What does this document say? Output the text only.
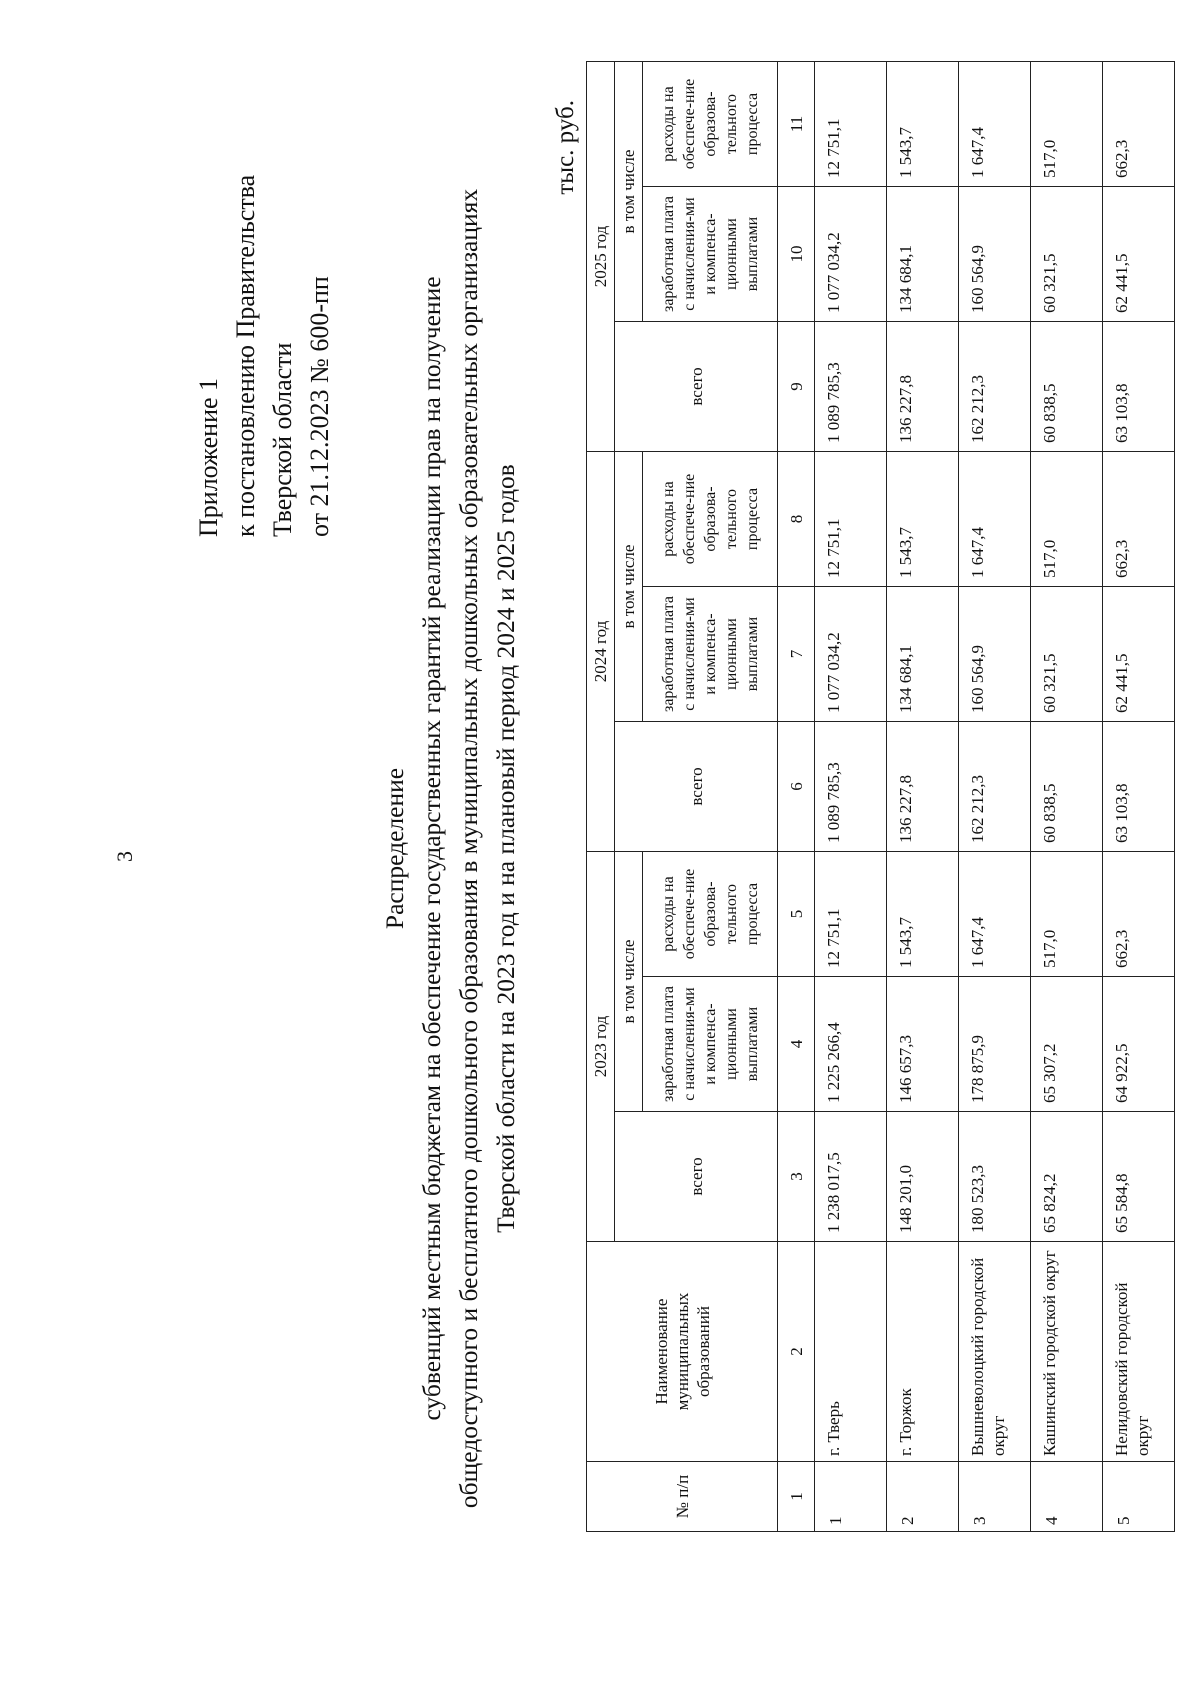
3
Приложение 1 к постановлению Правительства Тверской области от 21.12.2023 № 600-пп
Распределение субвенций местным бюджетам на обеспечение государственных гарантий реализации прав на получение общедоступного и бесплатного дошкольного образования в муниципальных дошкольных образовательных организациях Тверской области на 2023 год и на плановый период 2024 и 2025 годов
тыс. руб.
№ п/п	Наименование муниципальных образований	2023 год			2024 год			2025 год		
		всего	в том числе		всего	в том числе		всего	в том числе	
			заработная плата с начисления-ми и компенса-ционными выплатами	расходы на обеспече-ние образова-тельного процесса		заработная плата с начисления-ми и компенса-ционными выплатами	расходы на обеспече-ние образова-тельного процесса		заработная плата с начисления-ми и компенса-ционными выплатами	расходы на обеспече-ние образова-тельного процесса
1	2	3	4	5	6	7	8	9	10	11
1	г. Тверь	1 238 017,5	1 225 266,4	12 751,1	1 089 785,3	1 077 034,2	12 751,1	1 089 785,3	1 077 034,2	12 751,1
2	г. Торжок	148 201,0	146 657,3	1 543,7	136 227,8	134 684,1	1 543,7	136 227,8	134 684,1	1 543,7
3	Вышневолоцкий городской округ	180 523,3	178 875,9	1 647,4	162 212,3	160 564,9	1 647,4	162 212,3	160 564,9	1 647,4
4	Кашинский городской округ	65 824,2	65 307,2	517,0	60 838,5	60 321,5	517,0	60 838,5	60 321,5	517,0
5	Нелидовский городской округ	65 584,8	64 922,5	662,3	63 103,8	62 441,5	662,3	63 103,8	62 441,5	662,3
